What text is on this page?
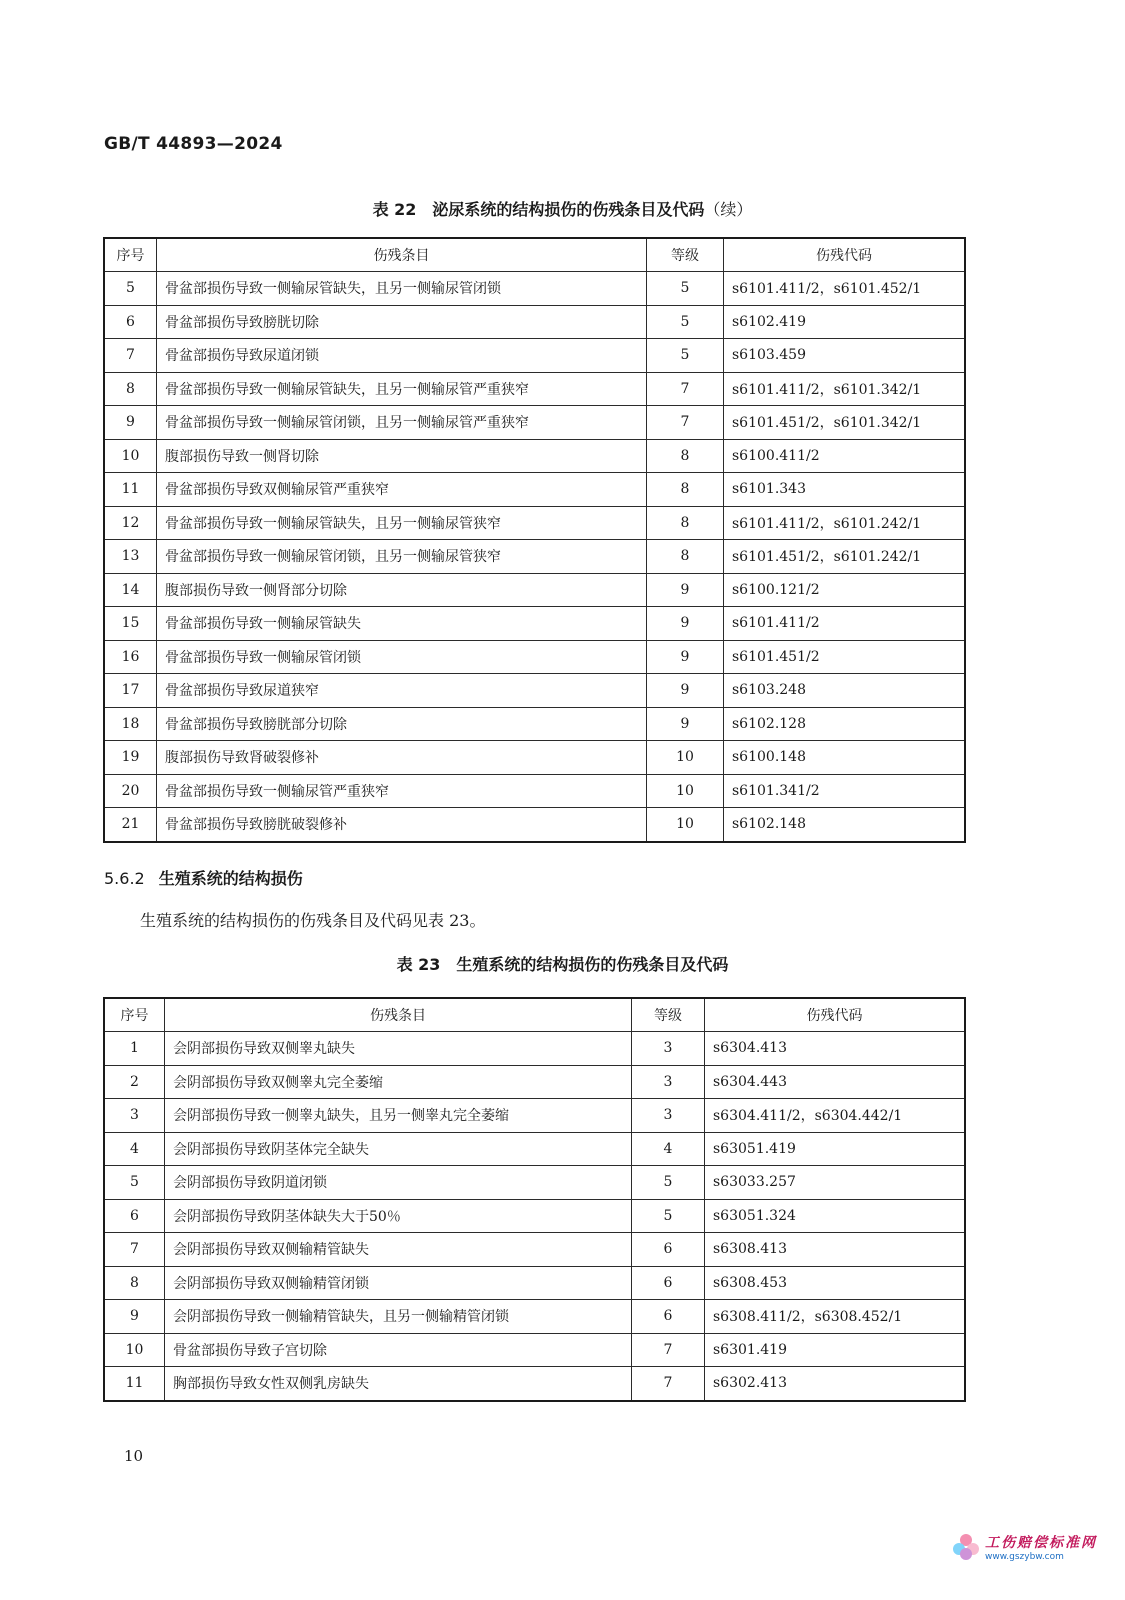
GB/T 44893—2024
表 22 泌尿系统的结构损伤的伤残条目及代码（续）
序号	伤残条目	等级	伤残代码
5	骨盆部损伤导致一侧输尿管缺失，且另一侧输尿管闭锁	5	s6101.411/2，s6101.452/1
6	骨盆部损伤导致膀胱切除	5	s6102.419
7	骨盆部损伤导致尿道闭锁	5	s6103.459
8	骨盆部损伤导致一侧输尿管缺失，且另一侧输尿管严重狭窄	7	s6101.411/2，s6101.342/1
9	骨盆部损伤导致一侧输尿管闭锁，且另一侧输尿管严重狭窄	7	s6101.451/2，s6101.342/1
10	腹部损伤导致一侧肾切除	8	s6100.411/2
11	骨盆部损伤导致双侧输尿管严重狭窄	8	s6101.343
12	骨盆部损伤导致一侧输尿管缺失，且另一侧输尿管狭窄	8	s6101.411/2，s6101.242/1
13	骨盆部损伤导致一侧输尿管闭锁，且另一侧输尿管狭窄	8	s6101.451/2，s6101.242/1
14	腹部损伤导致一侧肾部分切除	9	s6100.121/2
15	骨盆部损伤导致一侧输尿管缺失	9	s6101.411/2
16	骨盆部损伤导致一侧输尿管闭锁	9	s6101.451/2
17	骨盆部损伤导致尿道狭窄	9	s6103.248
18	骨盆部损伤导致膀胱部分切除	9	s6102.128
19	腹部损伤导致肾破裂修补	10	s6100.148
20	骨盆部损伤导致一侧输尿管严重狭窄	10	s6101.341/2
21	骨盆部损伤导致膀胱破裂修补	10	s6102.148
5.6.2 生殖系统的结构损伤
生殖系统的结构损伤的伤残条目及代码见表 23。
表 23 生殖系统的结构损伤的伤残条目及代码
序号	伤残条目	等级	伤残代码
1	会阴部损伤导致双侧睾丸缺失	3	s6304.413
2	会阴部损伤导致双侧睾丸完全萎缩	3	s6304.443
3	会阴部损伤导致一侧睾丸缺失，且另一侧睾丸完全萎缩	3	s6304.411/2，s6304.442/1
4	会阴部损伤导致阴茎体完全缺失	4	s63051.419
5	会阴部损伤导致阴道闭锁	5	s63033.257
6	会阴部损伤导致阴茎体缺失大于50％	5	s63051.324
7	会阴部损伤导致双侧输精管缺失	6	s6308.413
8	会阴部损伤导致双侧输精管闭锁	6	s6308.453
9	会阴部损伤导致一侧输精管缺失，且另一侧输精管闭锁	6	s6308.411/2，s6308.452/1
10	骨盆部损伤导致子宫切除	7	s6301.419
11	胸部损伤导致女性双侧乳房缺失	7	s6302.413
10
工伤赔偿标准网
www.gszybw.com
